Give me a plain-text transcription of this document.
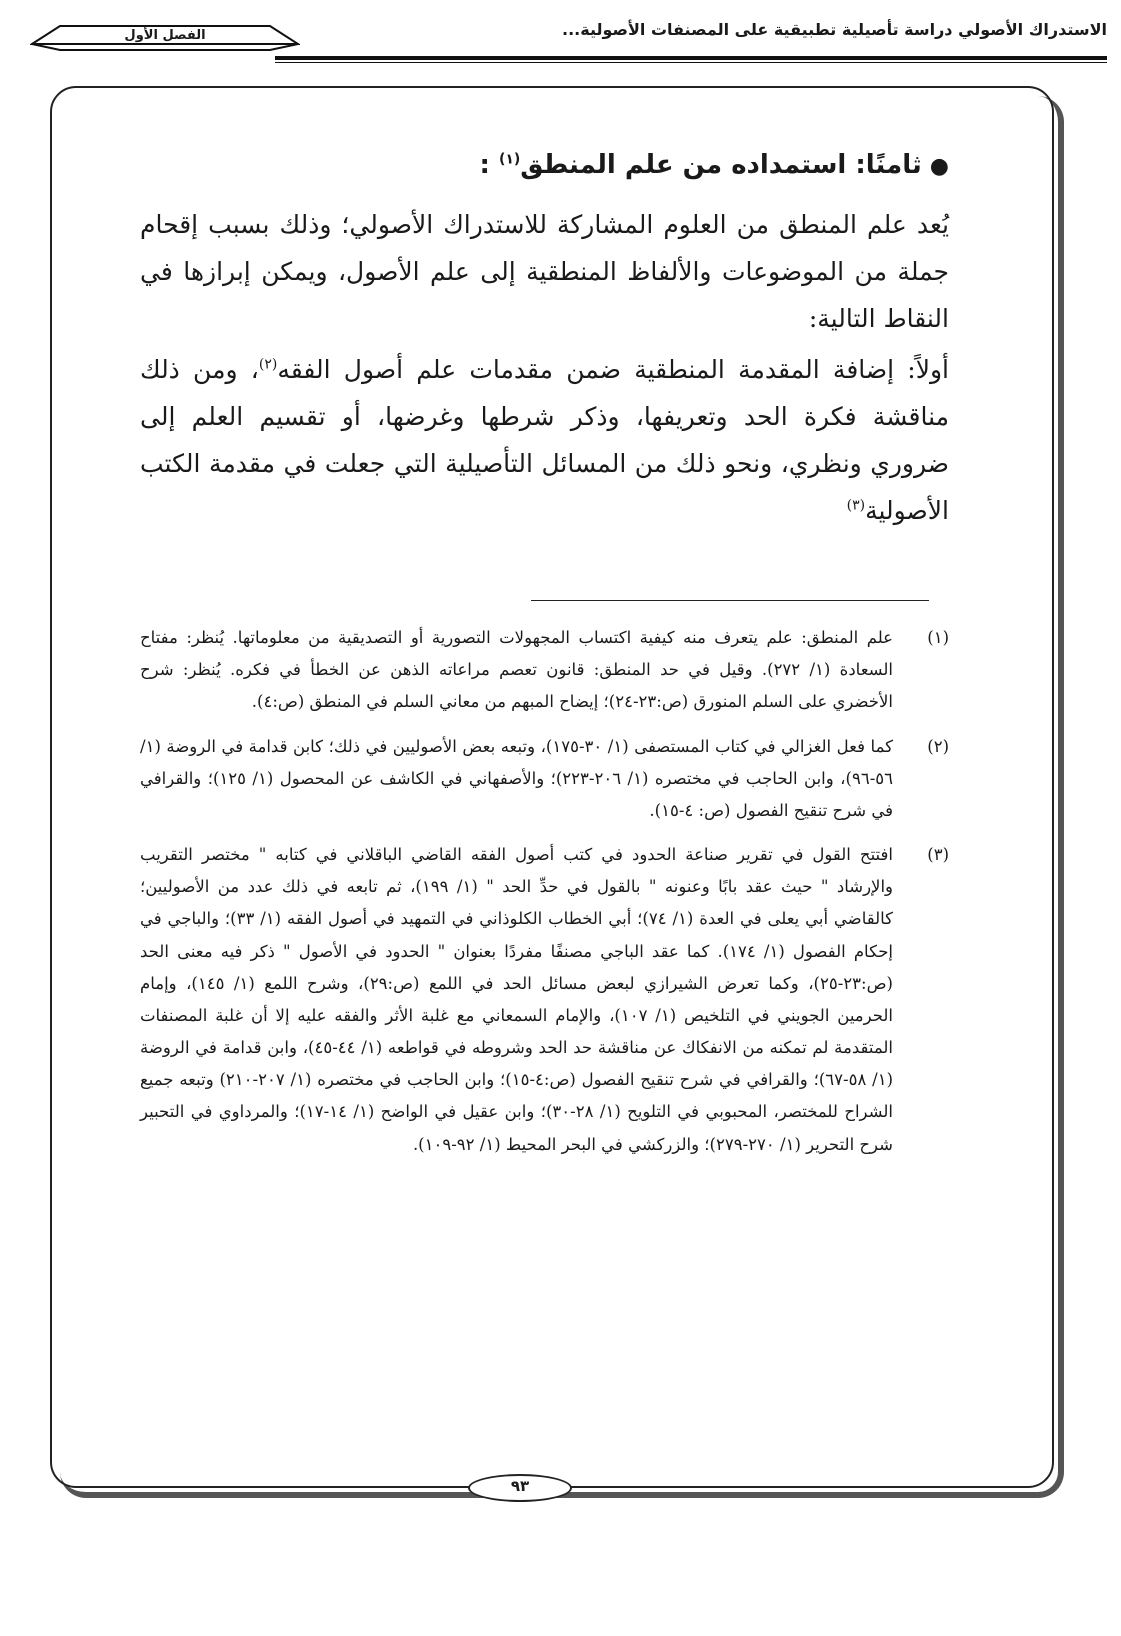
الاستدراك الأصولي دراسة تأصيلية تطبيقية على المصنفات الأصولية...
الفصل الأول
●ثامنًا: استمداده من علم المنطق$^{(١)}$ :

يُعد علم المنطق من العلوم المشاركة للاستدراك الأصولي؛ وذلك بسبب إقحام جملة من الموضوعات والألفاظ المنطقية إلى علم الأصول، ويمكن إبرازها في النقاط التالية:

أولاً: إضافة المقدمة المنطقية ضمن مقدمات علم أصول الفقه$^{(٢)}$، ومن ذلك مناقشة فكرة الحد وتعريفها، وذكر شرطها وغرضها، أو تقسيم العلم إلى ضروري ونظري، ونحو ذلك من المسائل التأصيلية التي جعلت في مقدمة الكتب الأصولية$^{(٣)}$

(١)
علم المنطق: علم يتعرف منه كيفية اكتساب المجهولات التصورية أو التصديقية من معلوماتها. يُنظر: مفتاح السعادة (١/ ٢٧٢). وقيل في حد المنطق: قانون تعصم مراعاته الذهن عن الخطأ في فكره. يُنظر: شرح الأخضري على السلم المنورق (ص:٢٣-٢٤)؛ إيضاح المبهم من معاني السلم في المنطق (ص:٤).
(٢)
كما فعل الغزالي في كتاب المستصفى (١/ ٣٠-١٧٥)، وتبعه بعض الأصوليين في ذلك؛ كابن قدامة في الروضة (١/ ٥٦-٩٦)، وابن الحاجب في مختصره (١/ ٢٠٦-٢٢٣)؛ والأصفهاني في الكاشف عن المحصول (١/ ١٢٥)؛ والقرافي في شرح تنقيح الفصول (ص: ٤-١٥).
(٣)
افتتح القول في تقرير صناعة الحدود في كتب أصول الفقه القاضي الباقلاني في كتابه " مختصر التقريب والإرشاد " حيث عقد بابًا وعنونه " بالقول في حدِّ الحد " (١/ ١٩٩)، ثم تابعه في ذلك عدد من الأصوليين؛ كالقاضي أبي يعلى في العدة (١/ ٧٤)؛ أبي الخطاب الكلوذاني في التمهيد في أصول الفقه (١/ ٣٣)؛ والباجي في إحكام الفصول (١/ ١٧٤). كما عقد الباجي مصنفًا مفردًا بعنوان " الحدود في الأصول " ذكر فيه معنى الحد (ص:٢٣-٢٥)، وكما تعرض الشيرازي لبعض مسائل الحد في اللمع (ص:٢٩)، وشرح اللمع (١/ ١٤٥)، وإمام الحرمين الجويني في التلخيص (١/ ١٠٧)، والإمام السمعاني مع غلبة الأثر والفقه عليه إلا أن غلبة المصنفات المتقدمة لم تمكنه من الانفكاك عن مناقشة حد الحد وشروطه في قواطعه (١/ ٤٤-٤٥)، وابن قدامة في الروضة (١/ ٥٨-٦٧)؛ والقرافي في شرح تنقيح الفصول (ص:٤-١٥)؛ وابن الحاجب في مختصره (١/ ٢٠٧-٢١٠) وتبعه جميع الشراح للمختصر، المحبوبي في التلويح (١/ ٢٨-٣٠)؛ وابن عقيل في الواضح (١/ ١٤-١٧)؛ والمرداوي في التحبير شرح التحرير (١/ ٢٧٠-٢٧٩)؛ والزركشي في البحر المحيط (١/ ٩٢-١٠٩).
٩٣
